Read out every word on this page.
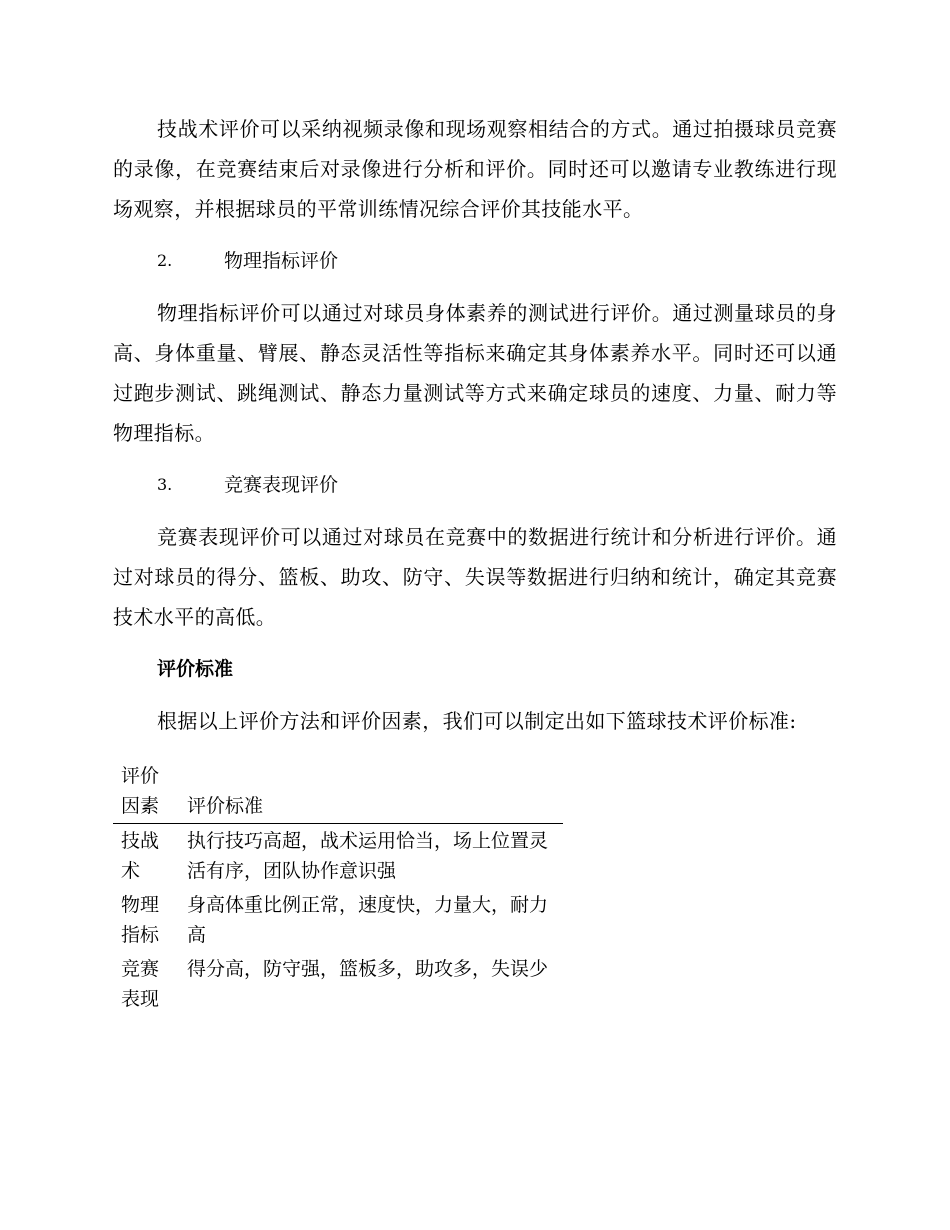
技战术评价可以采纳视频录像和现场观察相结合的方式。通过拍摄球员竞赛的录像，在竞赛结束后对录像进行分析和评价。同时还可以邀请专业教练进行现场观察，并根据球员的平常训练情况综合评价其技能水平。

2.	物理指标评价

物理指标评价可以通过对球员身体素养的测试进行评价。通过测量球员的身高、身体重量、臂展、静态灵活性等指标来确定其身体素养水平。同时还可以通过跑步测试、跳绳测试、静态力量测试等方式来确定球员的速度、力量、耐力等物理指标。

3.	竞赛表现评价

竞赛表现评价可以通过对球员在竞赛中的数据进行统计和分析进行评价。通过对球员的得分、篮板、助攻、防守、失误等数据进行归纳和统计，确定其竞赛技术水平的高低。

评价标准

根据以上评价方法和评价因素，我们可以制定出如下篮球技术评价标准:

评价因素	评价标准
技战术	执行技巧高超，战术运用恰当，场上位置灵活有序，团队协作意识强
物理指标	身高体重比例正常，速度快，力量大，耐力高
竞赛表现	得分高，防守强，篮板多，助攻多，失误少
